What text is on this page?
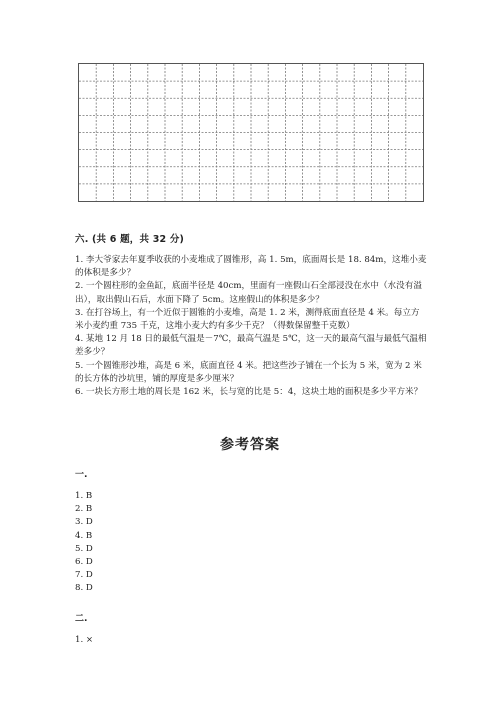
六. (共 6 题，共 32 分)

1. 李大爷家去年夏季收获的小麦堆成了圆锥形，高 1. 5m，底面周长是 18. 84m，这堆小麦的体积是多少？

2. 一个圆柱形的金鱼缸，底面半径是 40cm，里面有一座假山石全部浸没在水中（水没有溢出），取出假山石后，水面下降了 5cm。这座假山的体积是多少？

3. 在打谷场上，有一个近似于圆锥的小麦堆，高是 1. 2 米，测得底面直径是 4 米。每立方米小麦约重 735 千克，这堆小麦大约有多少千克？（得数保留整千克数）

4. 某地 12 月 18 日的最低气温是－7℃，最高气温是 5℃，这一天的最高气温与最低气温相差多少？

5. 一个圆锥形沙堆，高是 6 米，底面直径 4 米。把这些沙子铺在一个长为 5 米，宽为 2 米的长方体的沙坑里，铺的厚度是多少厘米？

6. 一块长方形土地的周长是 162 米，长与宽的比是 5：4，这块土地的面积是多少平方米？

参考答案
一.

1. B

2. B

3. D

4. B

5. D

6. D

7. D

8. D

二.

1. ×
